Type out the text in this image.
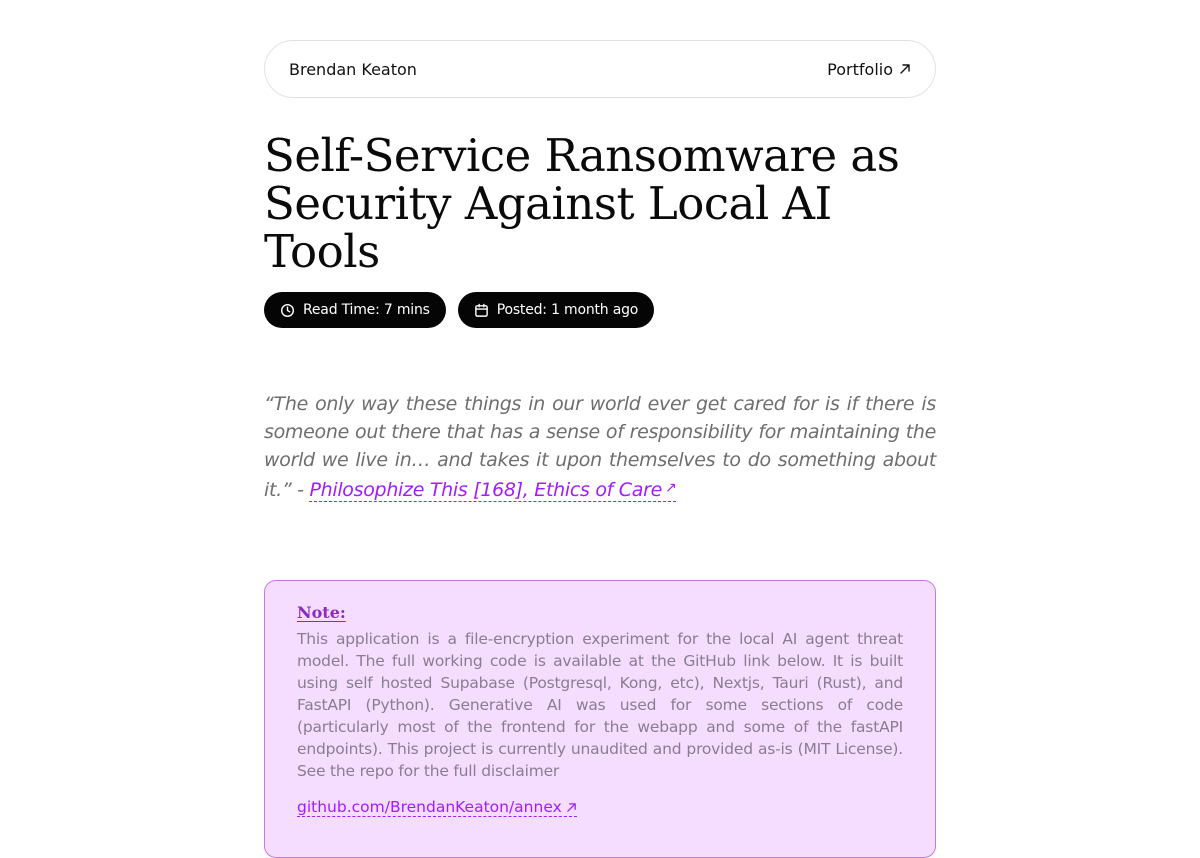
Brendan Keaton	Portfolio
Self-Service Ransomware as Security Against Local AI Tools
Read Time: 7 mins	Posted: 1 month ago

“The only way these things in our world ever get cared for is if there is someone out there that has a sense of responsibility for maintaining the world we live in… and takes it upon themselves to do something about it.” - Philosophize This [168], Ethics of Care ↗

Note:
This application is a file-encryption experiment for the local AI agent threat model. The full working code is available at the GitHub link below. It is built using self hosted Supabase (Postgresql, Kong, etc), Nextjs, Tauri (Rust), and FastAPI (Python). Generative AI was used for some sections of code (particularly most of the frontend for the webapp and some of the fastAPI endpoints). This project is currently unaudited and provided as-is (MIT License). See the repo for the full disclaimer
github.com/BrendanKeaton/annex
